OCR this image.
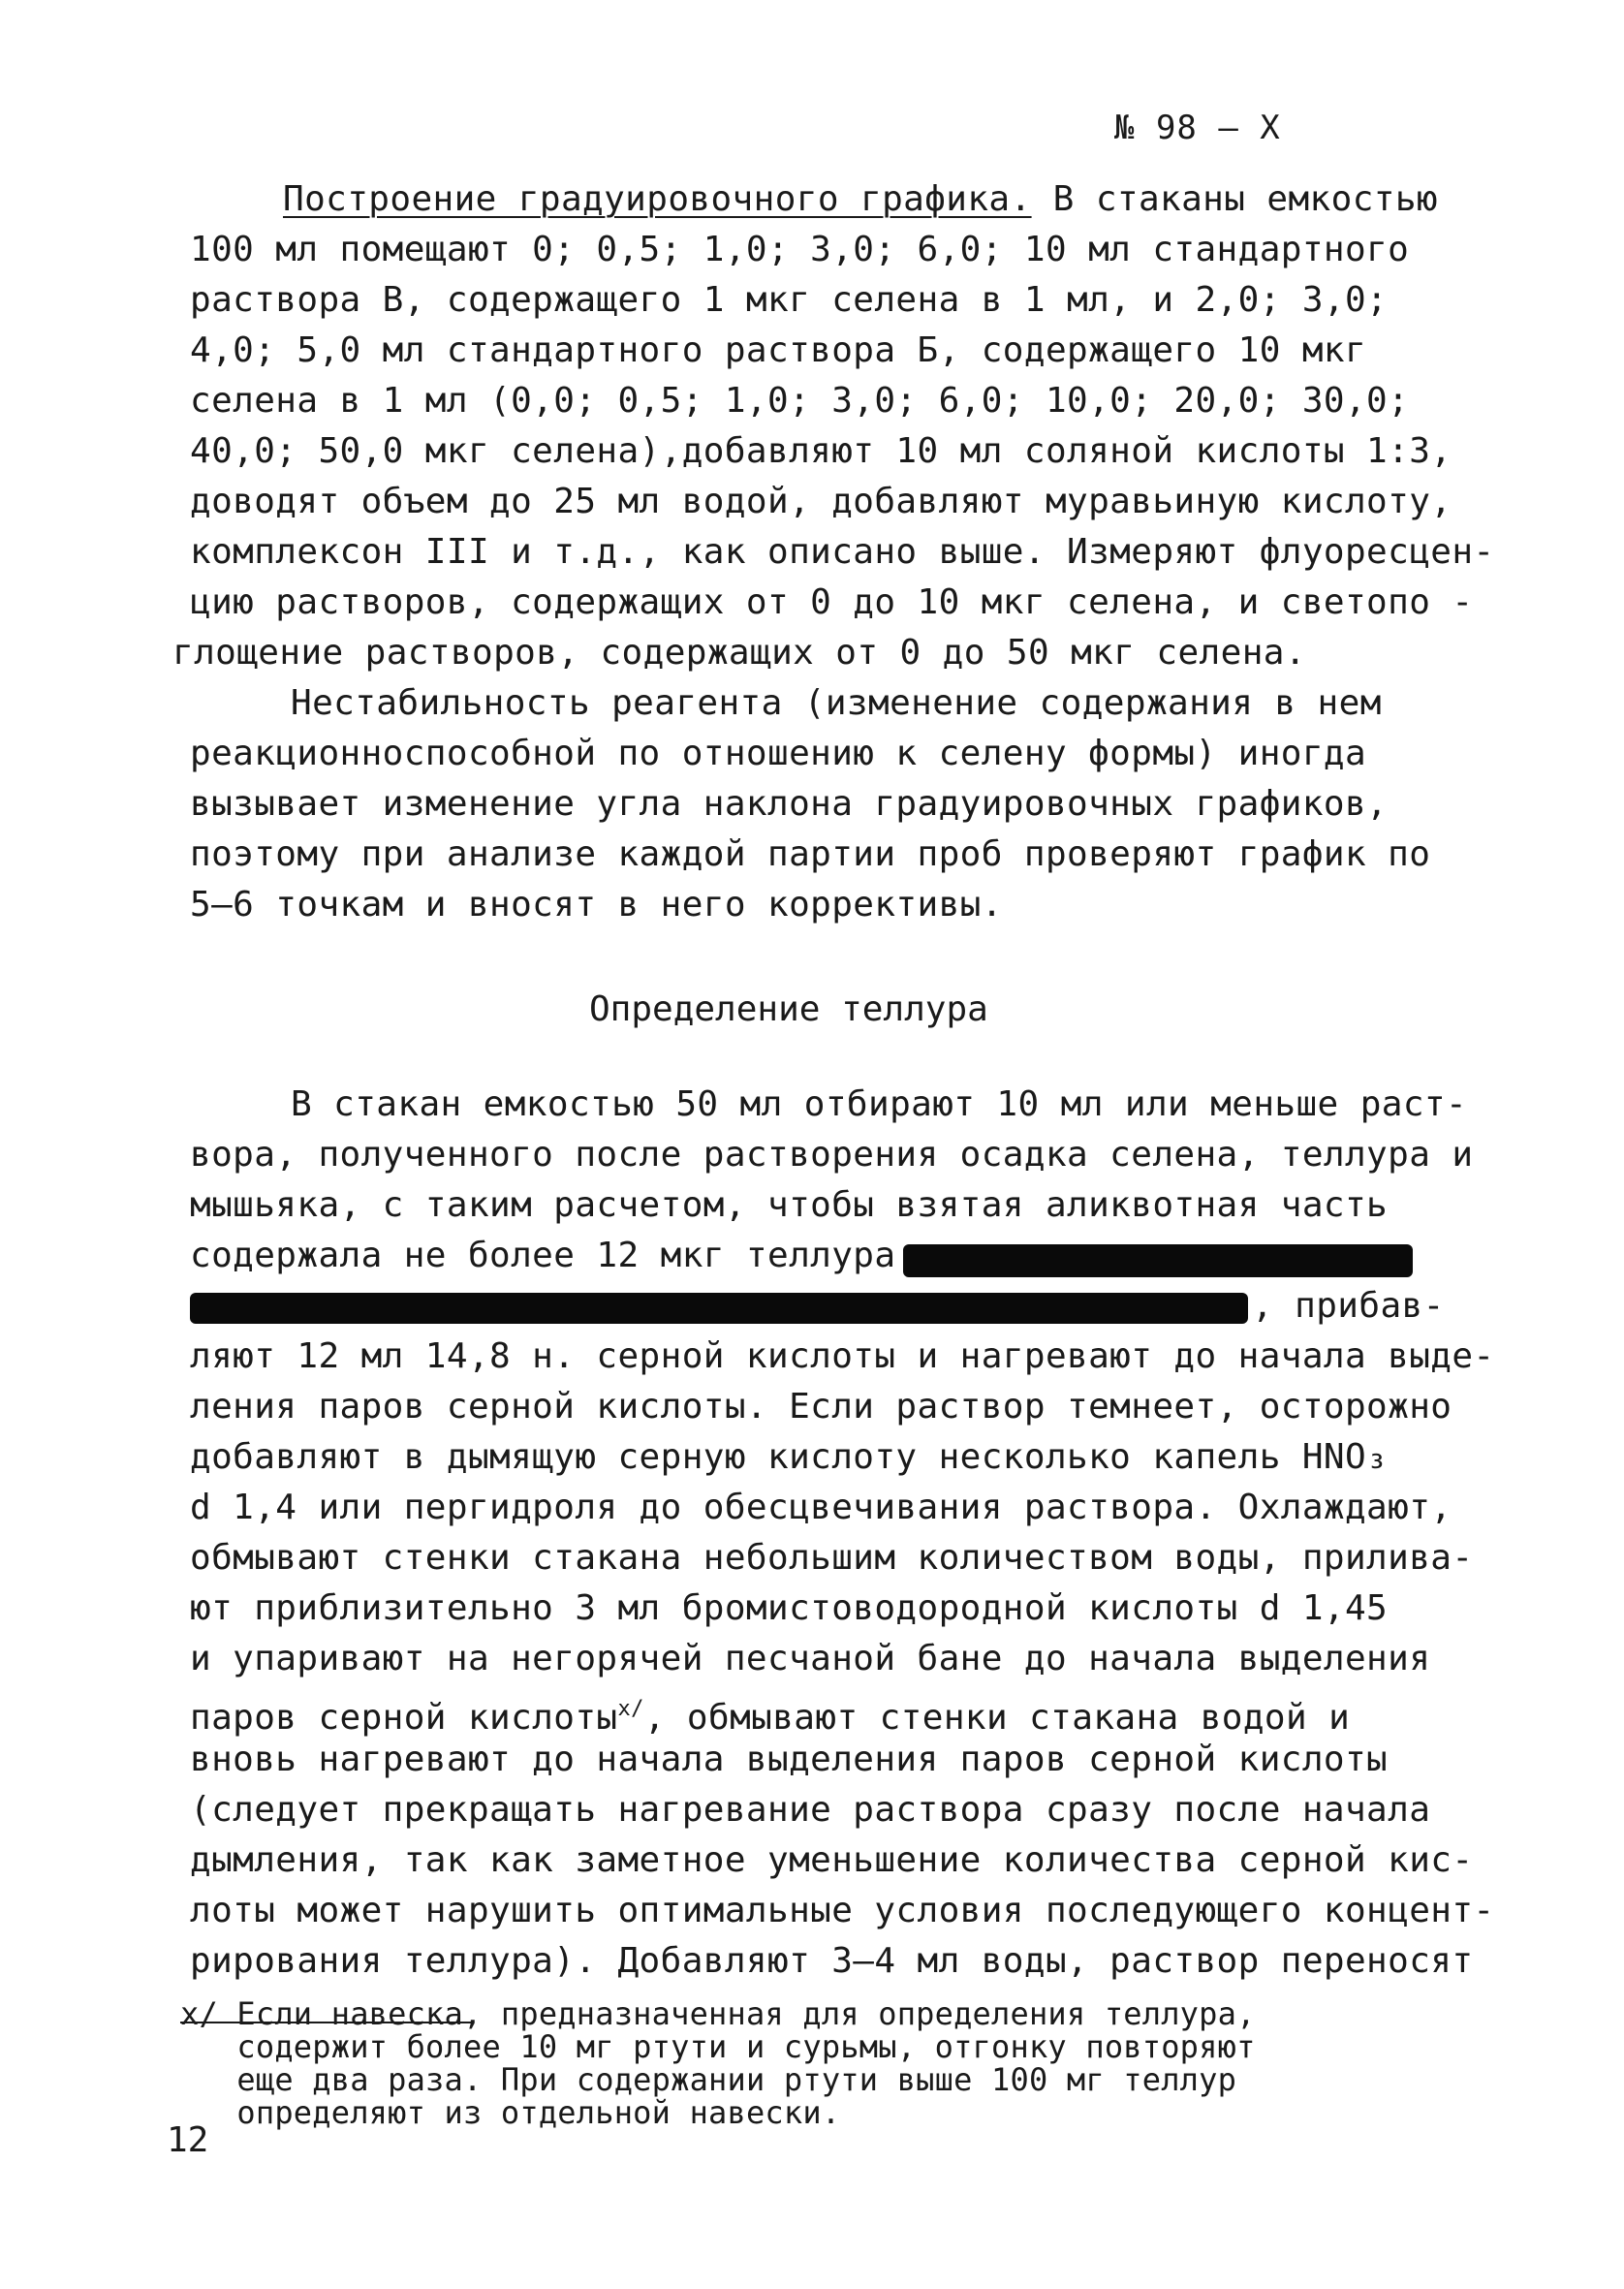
№ 98 – Х
Построение градуировочного графика. В стаканы емкостью
100 мл помещают 0; 0,5; 1,0; 3,0; 6,0; 10 мл стандартного
раствора В, содержащего 1 мкг селена в 1 мл, и 2,0; 3,0;
4,0; 5,0 мл стандартного раствора Б, содержащего 10 мкг
селена в 1 мл (0,0; 0,5; 1,0; 3,0; 6,0; 10,0; 20,0; 30,0;
40,0; 50,0 мкг селена),добавляют 10 мл соляной кислоты 1:3,
доводят объем до 25 мл водой, добавляют муравьиную кислоту,
комплексон III и т.д., как описано выше. Измеряют флуоресцен-
цию растворов, содержащих от 0 до 10 мкг селена, и светопо -
глощение растворов, содержащих от 0 до 50 мкг селена.
Нестабильность реагента (изменение содержания в нем
реакционноспособной по отношению к селену формы) иногда
вызывает изменение угла наклона градуировочных графиков,
поэтому при анализе каждой партии проб проверяют график по
5–6 точкам и вносят в него коррективы.
Определение теллура
В стакан емкостью 50 мл отбирают 10 мл или меньше раст-
вора, полученного после растворения осадка селена, теллура и
мышьяка, с таким расчетом, чтобы взятая аликвотная часть
содержала не более 12 мкг теллура
, прибав-
ляют 12 мл 14,8 н. серной кислоты и нагревают до начала выде-
ления паров серной кислоты. Если раствор темнеет, осторожно
добавляют в дымящую серную кислоту несколько капель HNO₃
d 1,4 или пергидроля до обесцвечивания раствора. Охлаждают,
обмывают стенки стакана небольшим количеством воды, прилива-
ют приблизительно 3 мл бромистоводородной кислоты d 1,45
и упаривают на негорячей песчаной бане до начала выделения
паров серной кислоты$^{x/}$, обмывают стенки стакана водой и
вновь нагревают до начала выделения паров серной кислоты
(следует прекращать нагревание раствора сразу после начала
дымления, так как заметное уменьшение количества серной кис-
лоты может нарушить оптимальные условия последующего концент-
рирования теллура). Добавляют 3–4 мл воды, раствор переносят
x/ Если навеска, предназначенная для определения теллура,
содержит более 10 мг ртути и сурьмы, отгонку повторяют
еще два раза. При содержании ртути выше 100 мг теллур
определяют из отдельной навески.
12
